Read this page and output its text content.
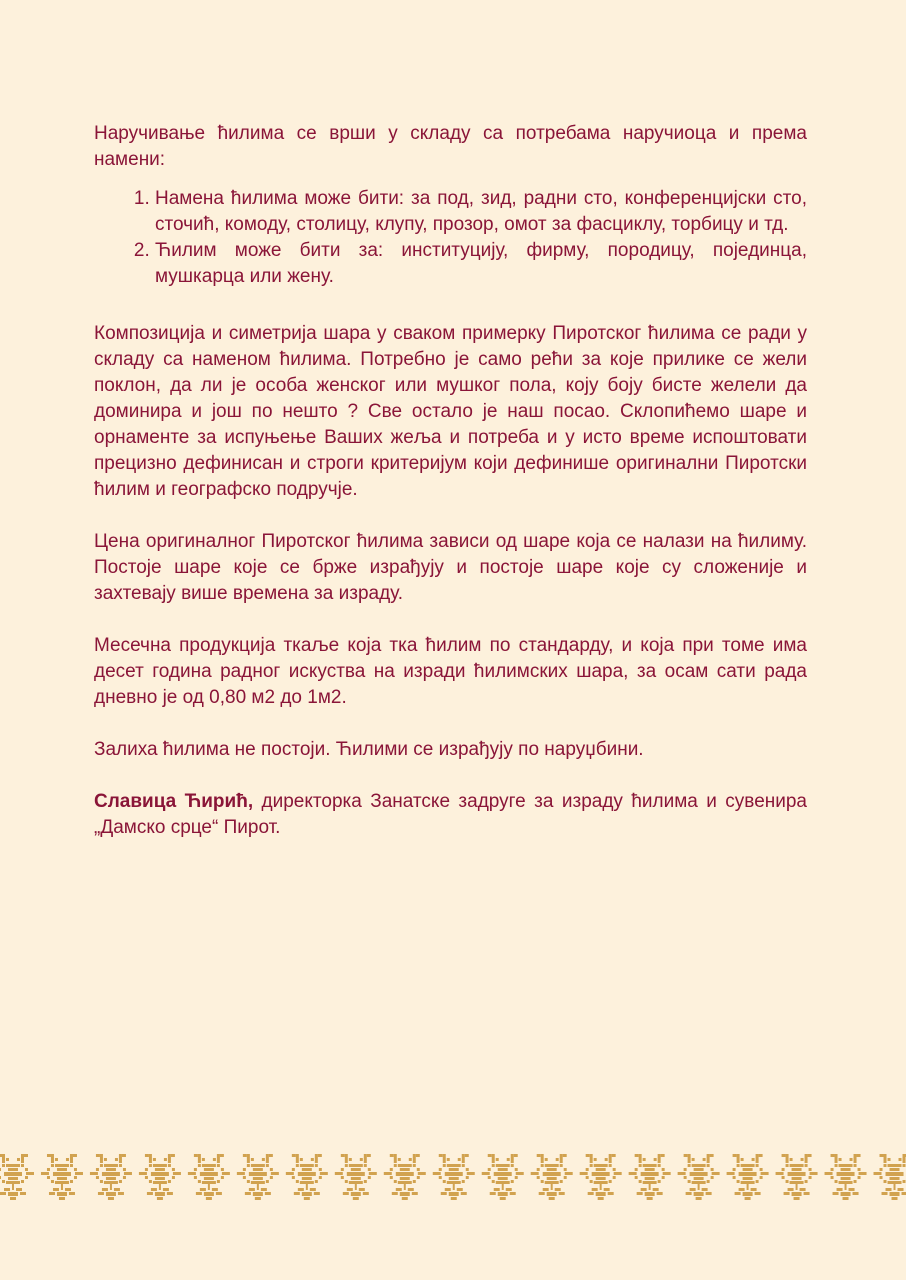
Наручивање ћилима се врши у складу са потребама наручиоца и према намени:

1. Намена ћилима може бити: за под, зид, радни сто, конференцијски сто, сточић, комоду, столицу, клупу, прозор, омот за фасциклу, торбицу и тд.
2. Ћилим може бити за: институцију, фирму, породицу, појединца, мушкарца или жену.

Композиција и симетрија шара у сваком примерку Пиротског ћилима се ради у складу са наменом ћилима. Потребно је само рећи за које прилике се жели поклон, да ли је особа женског или мушког пола, коју боју бисте желели да доминира и још по нешто ? Све остало је наш посао. Склопићемо шаре и орнаменте за испуњење Ваших жеља и потреба и у исто време испоштовати прецизно дефинисан и строги критеријум који дефинише оригинални Пиротски ћилим и географско подручје.

Цена оригиналног Пиротског ћилима зависи од шаре која се налази на ћилиму. Постоје шаре које се брже израђују и постоје шаре које су сложеније и захтевају више времена за израду.

Месечна продукција ткаље која тка ћилим по стандарду, и која при томе има десет година радног искуства на изради ћилимских шара, за осам сати рада дневно је од 0,80 м2 до 1м2.

Залиха ћилима не постоји. Ћилими се израђују по наруџбини.

Славица Ћирић, директорка Занатске задруге за израду ћилима и сувенира „Дамско срце“ Пирот.
